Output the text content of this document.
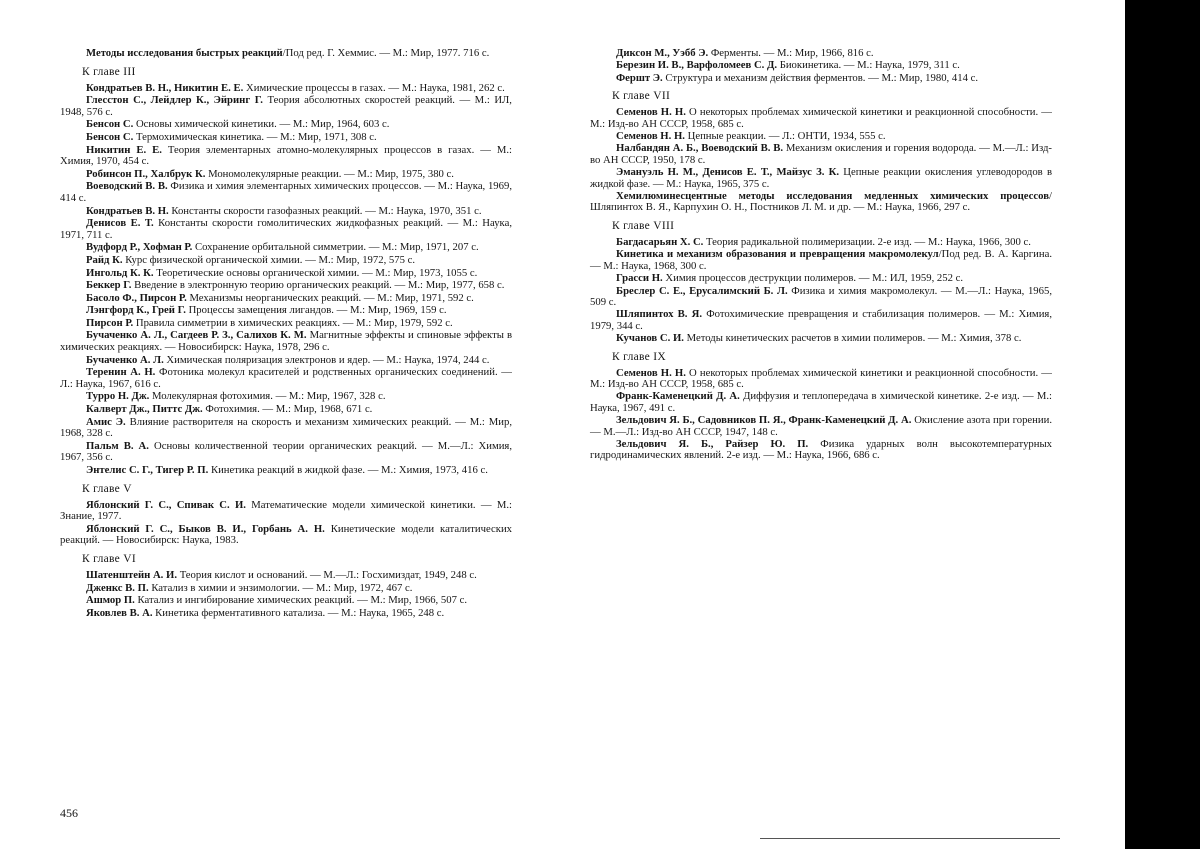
Методы исследования быстрых реакций/Под ред. Г. Хеммис. — М.: Мир, 1977. 716 с.
К главе III
Кондратьев В. Н., Никитин Е. Е. Химические процессы в газах. — М.: Наука, 1981, 262 с.
Глесстон С., Лейдлер К., Эйринг Г. Теория абсолютных скоростей реакций. — М.: ИЛ, 1948, 576 с.
Бенсон С. Основы химической кинетики. — М.: Мир, 1964, 603 с.
Бенсон С. Термохимическая кинетика. — М.: Мир, 1971, 308 с.
Никитин Е. Е. Теория элементарных атомно-молекулярных процессов в газах. — М.: Химия, 1970, 454 с.
Робинсон П., Халбрук К. Мономолекулярные реакции. — М.: Мир, 1975, 380 с.
Воеводский В. В. Физика и химия элементарных химических процессов. — М.: Наука, 1969, 414 с.
Кондратьев В. Н. Константы скорости газофазных реакций. — М.: Наука, 1970, 351 с.
Денисов Е. Т. Константы скорости гомолитических жидкофазных реакций. — М.: Наука, 1971, 711 с.
Вудфорд Р., Хофман Р. Сохранение орбитальной симметрии. — М.: Мир, 1971, 207 с.
Райд К. Курс физической органической химии. — М.: Мир, 1972, 575 с.
Ингольд К. К. Теоретические основы органической химии. — М.: Мир, 1973, 1055 с.
Беккер Г. Введение в электронную теорию органических реакций. — М.: Мир, 1977, 658 с.
Басоло Ф., Пирсон Р. Механизмы неорганических реакций. — М.: Мир, 1971, 592 с.
Лэнгфорд К., Грей Г. Процессы замещения лигандов. — М.: Мир, 1969, 159 с.
Пирсон Р. Правила симметрии в химических реакциях. — М.: Мир, 1979, 592 с.
Бучаченко А. Л., Сагдеев Р. З., Салихов К. М. Магнитные эффекты и спиновые эффекты в химических реакциях. — Новосибирск: Наука, 1978, 296 с.
Бучаченко А. Л. Химическая поляризация электронов и ядер. — М.: Наука, 1974, 244 с.
Теренин А. Н. Фотоника молекул красителей и родственных органических соединений. — Л.: Наука, 1967, 616 с.
Турро Н. Дж. Молекулярная фотохимия. — М.: Мир, 1967, 328 с.
Калверт Дж., Питтс Дж. Фотохимия. — М.: Мир, 1968, 671 с.
Амис Э. Влияние растворителя на скорость и механизм химических реакций. — М.: Мир, 1968, 328 с.
Пальм В. А. Основы количественной теории органических реакций. — М.—Л.: Химия, 1967, 356 с.
Энтелис С. Г., Тигер Р. П. Кинетика реакций в жидкой фазе. — М.: Химия, 1973, 416 с.
К главе V
Яблонский Г. С., Спивак С. И. Математические модели химической кинетики. — М.: Знание, 1977.
Яблонский Г. С., Быков В. И., Горбань А. Н. Кинетические модели каталитических реакций. — Новосибирск: Наука, 1983.
К главе VI
Шатенштейн А. И. Теория кислот и оснований. — М.—Л.: Госхимиздат, 1949, 248 с.
Дженкс В. П. Катализ в химии и энзимологии. — М.: Мир, 1972, 467 с.
Ашмор П. Катализ и ингибирование химических реакций. — М.: Мир, 1966, 507 с.
Яковлев В. А. Кинетика ферментативного катализа. — М.: Наука, 1965, 248 с.
Диксон М., Уэбб Э. Ферменты. — М.: Мир, 1966, 816 с.
Березин И. В., Варфоломеев С. Д. Биокинетика. — М.: Наука, 1979, 311 с.
Фершт Э. Структура и механизм действия ферментов. — М.: Мир, 1980, 414 с.
К главе VII
Семенов Н. Н. О некоторых проблемах химической кинетики и реакционной способности. — М.: Изд-во АН СССР, 1958, 685 с.
Семенов Н. Н. Цепные реакции. — Л.: ОНТИ, 1934, 555 с.
Налбандян А. Б., Воеводский В. В. Механизм окисления и горения водорода. — М.—Л.: Изд-во АН СССР, 1950, 178 с.
Эмануэль Н. М., Денисов Е. Т., Майзус З. К. Цепные реакции окисления углеводородов в жидкой фазе. — М.: Наука, 1965, 375 с.
Хемилюминесцентные методы исследования медленных химических процессов/Шляпинтох В. Я., Карпухин О. Н., Постников Л. М. и др. — М.: Наука, 1966, 297 с.
К главе VIII
Багдасарьян Х. С. Теория радикальной полимеризации. 2-е изд. — М.: Наука, 1966, 300 с.
Кинетика и механизм образования и превращения макромолекул/Под ред. В. А. Каргина. — М.: Наука, 1968, 300 с.
Грасси Н. Химия процессов деструкции полимеров. — М.: ИЛ, 1959, 252 с.
Бреслер С. Е., Ерусалимский Б. Л. Физика и химия макромолекул. — М.—Л.: Наука, 1965, 509 с.
Шляпинтох В. Я. Фотохимические превращения и стабилизация полимеров. — М.: Химия, 1979, 344 с.
Кучанов С. И. Методы кинетических расчетов в химии полимеров. — М.: Химия, 378 с.
К главе IX
Семенов Н. Н. О некоторых проблемах химической кинетики и реакционной способности. — М.: Изд-во АН СССР, 1958, 685 с.
Франк-Каменецкий Д. А. Диффузия и теплопередача в химической кинетике. 2-е изд. — М.: Наука, 1967, 491 с.
Зельдович Я. Б., Садовников П. Я., Франк-Каменецкий Д. А. Окисление азота при горении. — М.—Л.: Изд-во АН СССР, 1947, 148 с.
Зельдович Я. Б., Райзер Ю. П. Физика ударных волн высокотемпературных гидродинамических явлений. 2-е изд. — М.: Наука, 1966, 686 с.
456
